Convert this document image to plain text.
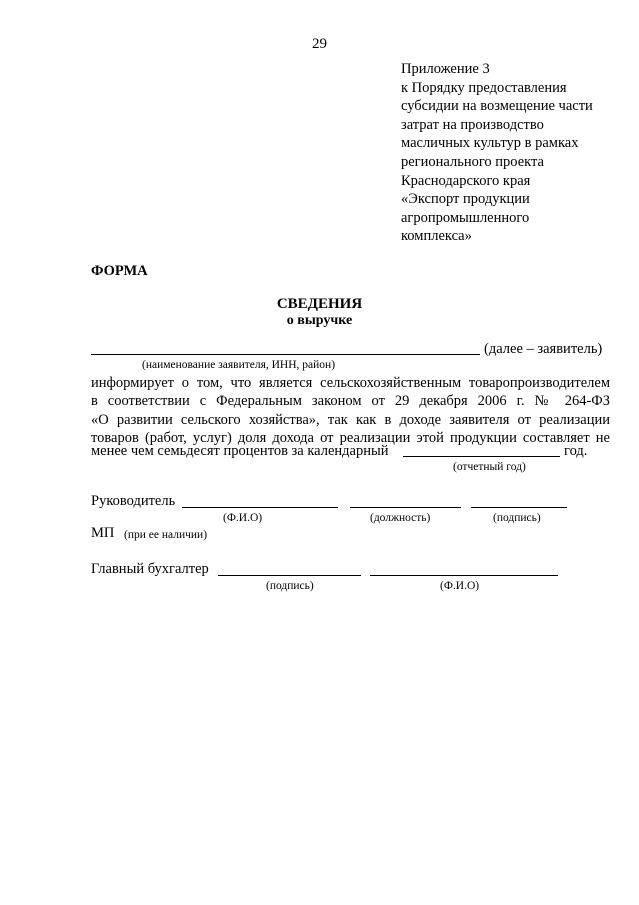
29
Приложение 3
к Порядку предоставления
субсидии на возмещение части
затрат на производство
масличных культур в рамках
регионального проекта
Краснодарского края
«Экспорт продукции
агропромышленного
комплекса»
ФОРМА
СВЕДЕНИЯ
о выручке
(далее – заявитель)
(наименование заявителя, ИНН, район)
информирует о том, что является сельскохозяйственным товаропроизводителем
в соответствии с Федеральным законом от 29 декабря 2006 г. № 264-ФЗ
«О развитии сельского хозяйства», так как в доходе заявителя от реализации
товаров (работ, услуг) доля дохода от реализации этой продукции составляет не
менее чем семьдесят процентов за календарный	год.
(отчетный год)
Руководитель
(Ф.И.О)	(должность)	(подпись)
МП (при ее наличии)
Главный бухгалтер
(подпись)	(Ф.И.О)
